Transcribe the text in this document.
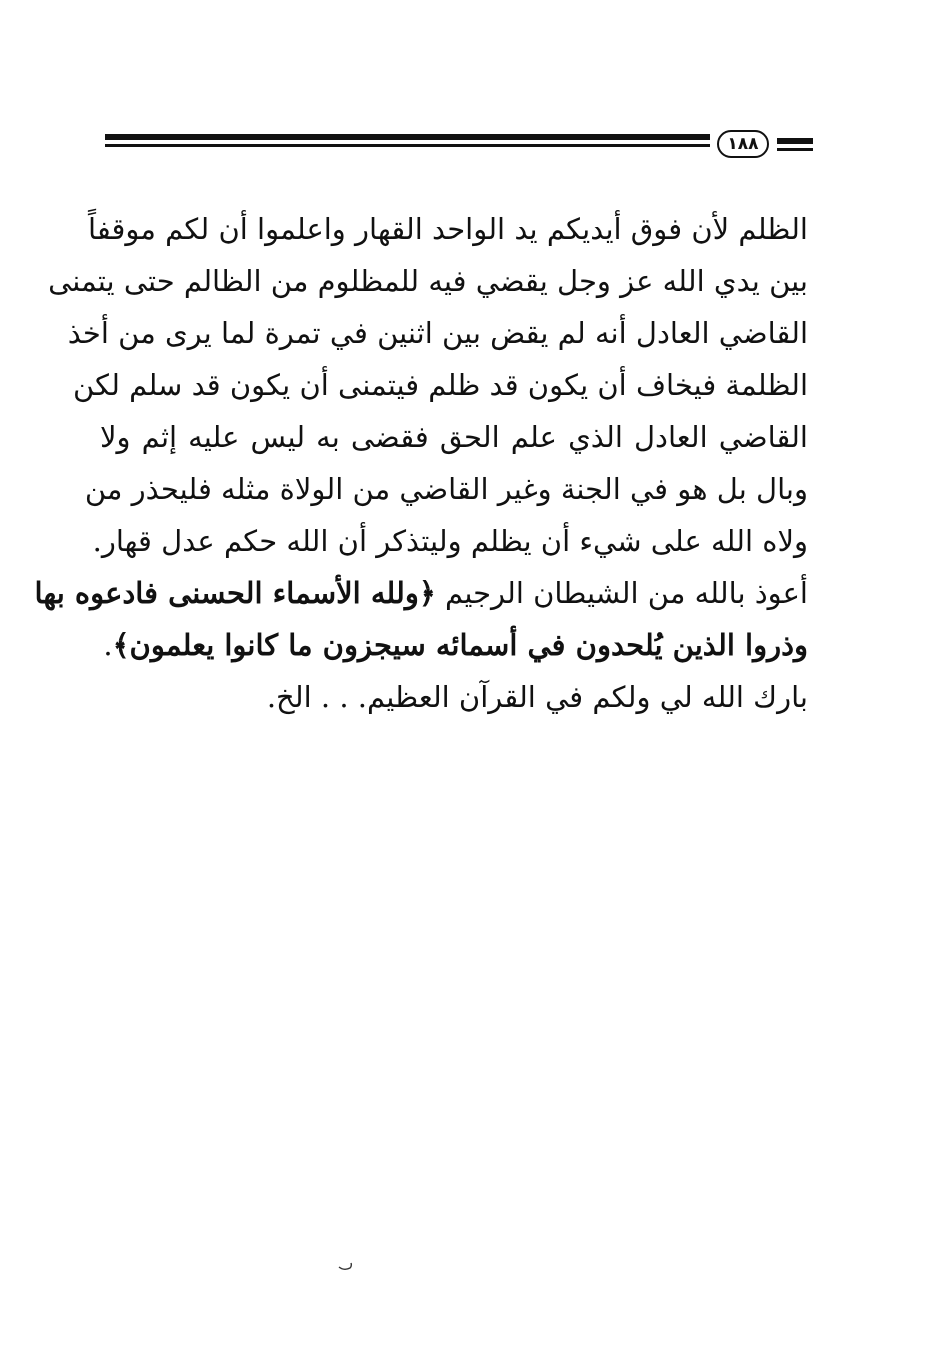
١٨٨
الظلم لأن فوق أيديكم يد الواحد القهار واعلموا أن لكم موقفاً
بين يدي الله عز وجل يقضي فيه للمظلوم من الظالم حتى يتمنى
القاضي العادل أنه لم يقض بين اثنين في تمرة لما يرى من أخذ
الظلمة فيخاف أن يكون قد ظلم فيتمنى أن يكون قد سلم لكن
القاضي العادل الذي علم الحق فقضى به ليس عليه إثم ولا
وبال بل هو في الجنة وغير القاضي من الولاة مثله فليحذر من
ولاه الله على شيء أن يظلم وليتذكر أن الله حكم عدل قهار.
أعوذ بالله من الشيطان الرجيم ﴿ولله الأسماء الحسنى فادعوه بها
وذروا الذين يُلحدون في أسمائه سيجزون ما كانوا يعلمون﴾.
بارك الله لي ولكم في القرآن العظيم. . . الخ.
